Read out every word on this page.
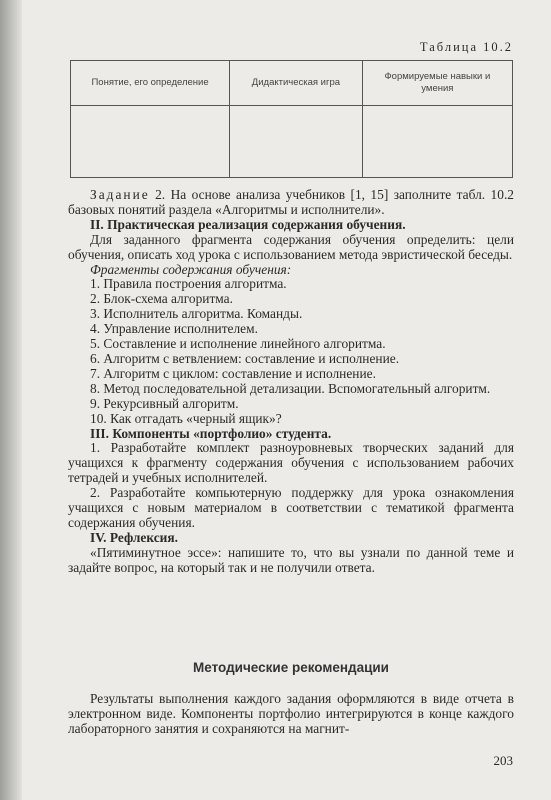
Таблица 10.2
Понятие, его определение	Дидактическая игра	Формируемые навыки и умения

Задание 2. На основе анализа учебников [1, 15] заполните табл. 10.2 базовых понятий раздела «Алгоритмы и исполнители».

II. Практическая реализация содержания обучения.

Для заданного фрагмента содержания обучения определить: цели обучения, описать ход урока с использованием метода эвристической беседы.

Фрагменты содержания обучения:

1. Правила построения алгоритма.

2. Блок-схема алгоритма.

3. Исполнитель алгоритма. Команды.

4. Управление исполнителем.

5. Составление и исполнение линейного алгоритма.

6. Алгоритм с ветвлением: составление и исполнение.

7. Алгоритм с циклом: составление и исполнение.

8. Метод последовательной детализации. Вспомогательный алгоритм.

9. Рекурсивный алгоритм.

10. Как отгадать «черный ящик»?

III. Компоненты «портфолио» студента.

1. Разработайте комплект разноуровневых творческих заданий для учащихся к фрагменту содержания обучения с использованием рабочих тетрадей и учебных исполнителей.

2. Разработайте компьютерную поддержку для урока ознакомления учащихся с новым материалом в соответствии с тематикой фрагмента содержания обучения.

IV. Рефлексия.

«Пятиминутное эссе»: напишите то, что вы узнали по данной теме и задайте вопрос, на который так и не получили ответа.

Методические рекомендации

Результаты выполнения каждого задания оформляются в виде отчета в электронном виде. Компоненты портфолио интегрируются в конце каждого лабораторного занятия и сохраняются на магнит-

203
